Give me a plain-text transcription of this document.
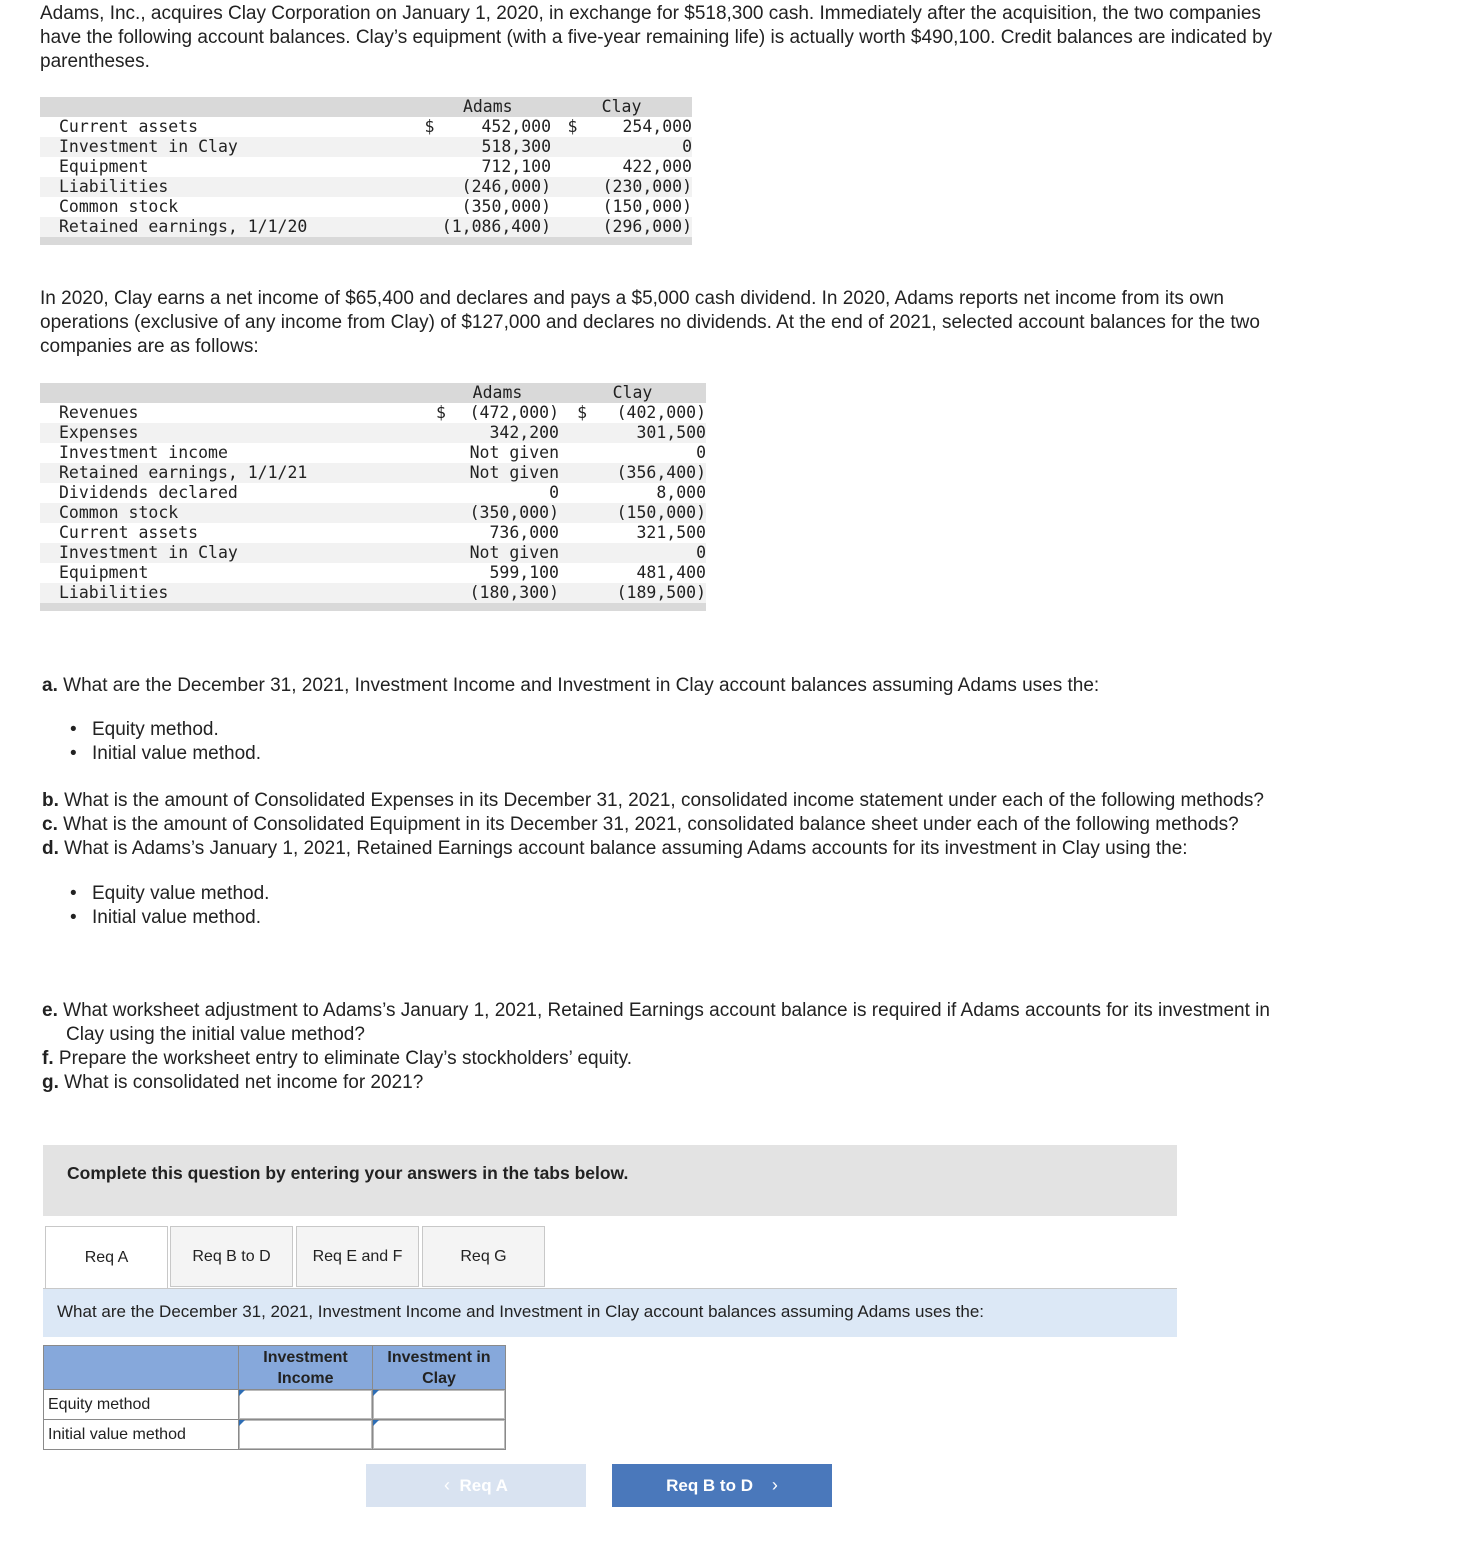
Adams, Inc., acquires Clay Corporation on January 1, 2020, in exchange for $518,300 cash. Immediately after the acquisition, the two companies have the following account balances. Clay’s equipment (with a five-year remaining life) is actually worth $490,100. Credit balances are indicated by parentheses.

	Adams		Clay	
Current assets	$	452,000	$	254,000
Investment in Clay		518,300		0
Equipment		712,100		422,000
Liabilities		(246,000)		(230,000)
Common stock		(350,000)		(150,000)
Retained earnings, 1/1/20		(1,086,400)		(296,000)

In 2020, Clay earns a net income of $65,400 and declares and pays a $5,000 cash dividend. In 2020, Adams reports net income from its own operations (exclusive of any income from Clay) of $127,000 and declares no dividends. At the end of 2021, selected account balances for the two companies are as follows:

	Adams		Clay	
Revenues	$	(472,000)	$	(402,000)
Expenses		342,200		301,500
Investment income		Not given		0
Retained earnings, 1/1/21		Not given		(356,400)
Dividends declared		0		8,000
Common stock		(350,000)		(150,000)
Current assets		736,000		321,500
Investment in Clay		Not given		0
Equipment		599,100		481,400
Liabilities		(180,300)		(189,500)

a. What are the December 31, 2021, Investment Income and Investment in Clay account balances assuming Adams uses the:

• Equity method.
• Initial value method.

b. What is the amount of Consolidated Expenses in its December 31, 2021, consolidated income statement under each of the following methods?

c. What is the amount of Consolidated Equipment in its December 31, 2021, consolidated balance sheet under each of the following methods?

d. What is Adams’s January 1, 2021, Retained Earnings account balance assuming Adams accounts for its investment in Clay using the:

• Equity value method.
• Initial value method.

e. What worksheet adjustment to Adams’s January 1, 2021, Retained Earnings account balance is required if Adams accounts for its investment in Clay using the initial value method?

f. Prepare the worksheet entry to eliminate Clay’s stockholders’ equity.

g. What is consolidated net income for 2021?

Complete this question by entering your answers in the tabs below.
Req A	Req B to D	Req E and F	Req G
What are the December 31, 2021, Investment Income and Investment in Clay account balances assuming Adams uses the:
	Investment Income	Investment in Clay
Equity method	

Initial value method	

‹
Req A	Req B to D
›
